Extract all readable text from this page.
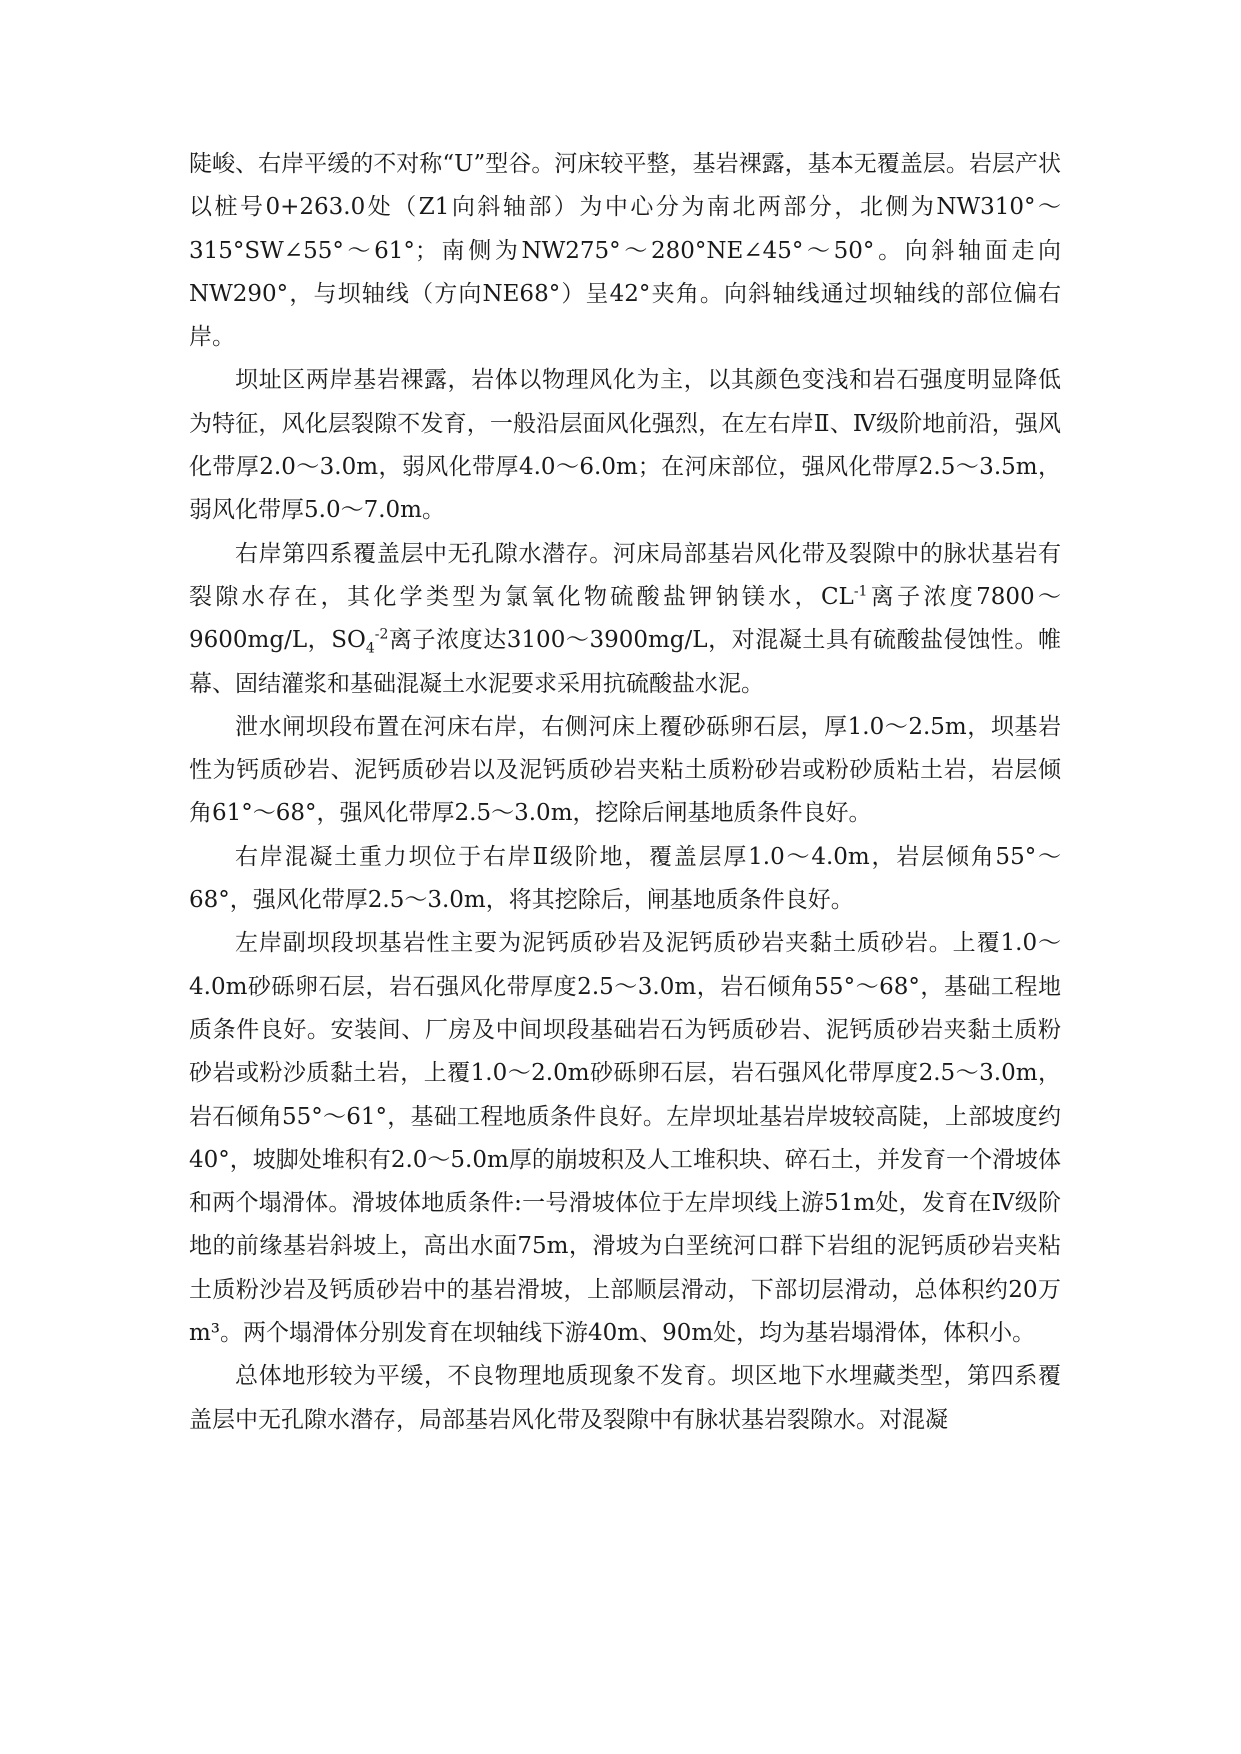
陡峻、右岸平缓的不对称“U”型谷。河床较平整，基岩裸露，基本无覆盖层。岩层产状以桩号0+263.0处（Z1向斜轴部）为中心分为南北两部分，北侧为NW310°～315°SW∠55°～61°；南侧为NW275°～280°NE∠45°～50°。向斜轴面走向NW290°，与坝轴线（方向NE68°）呈42°夹角。向斜轴线通过坝轴线的部位偏右岸。

坝址区两岸基岩裸露，岩体以物理风化为主，以其颜色变浅和岩石强度明显降低为特征，风化层裂隙不发育，一般沿层面风化强烈，在左右岸Ⅱ、Ⅳ级阶地前沿，强风化带厚2.0～3.0m，弱风化带厚4.0～6.0m；在河床部位，强风化带厚2.5～3.5m，弱风化带厚5.0～7.0m。

右岸第四系覆盖层中无孔隙水潜存。河床局部基岩风化带及裂隙中的脉状基岩有裂隙水存在，其化学类型为氯氧化物硫酸盐钾钠镁水，$CL^{-1}$离子浓度7800～9600mg/L，$SO_4^{-2}$离子浓度达3100～3900mg/L，对混凝土具有硫酸盐侵蚀性。帷幕、固结灌浆和基础混凝土水泥要求采用抗硫酸盐水泥。

泄水闸坝段布置在河床右岸，右侧河床上覆砂砾卵石层，厚1.0～2.5m，坝基岩性为钙质砂岩、泥钙质砂岩以及泥钙质砂岩夹粘土质粉砂岩或粉砂质粘土岩，岩层倾角61°～68°，强风化带厚2.5～3.0m，挖除后闸基地质条件良好。

右岸混凝土重力坝位于右岸Ⅱ级阶地，覆盖层厚1.0～4.0m，岩层倾角55°～68°，强风化带厚2.5～3.0m，将其挖除后，闸基地质条件良好。

左岸副坝段坝基岩性主要为泥钙质砂岩及泥钙质砂岩夹黏土质砂岩。上覆1.0～4.0m砂砾卵石层，岩石强风化带厚度2.5～3.0m，岩石倾角55°～68°，基础工程地质条件良好。安装间、厂房及中间坝段基础岩石为钙质砂岩、泥钙质砂岩夹黏土质粉砂岩或粉沙质黏土岩，上覆1.0～2.0m砂砾卵石层，岩石强风化带厚度2.5～3.0m，岩石倾角55°～61°，基础工程地质条件良好。左岸坝址基岩岸坡较高陡，上部坡度约40°，坡脚处堆积有2.0～5.0m厚的崩坡积及人工堆积块、碎石土，并发育一个滑坡体和两个塌滑体。滑坡体地质条件:一号滑坡体位于左岸坝线上游51m处，发育在Ⅳ级阶地的前缘基岩斜坡上，高出水面75m，滑坡为白垩统河口群下岩组的泥钙质砂岩夹粘土质粉沙岩及钙质砂岩中的基岩滑坡，上部顺层滑动，下部切层滑动，总体积约20万m³。两个塌滑体分别发育在坝轴线下游40m、90m处，均为基岩塌滑体，体积小。

总体地形较为平缓，不良物理地质现象不发育。坝区地下水埋藏类型，第四系覆盖层中无孔隙水潜存，局部基岩风化带及裂隙中有脉状基岩裂隙水。对混凝
